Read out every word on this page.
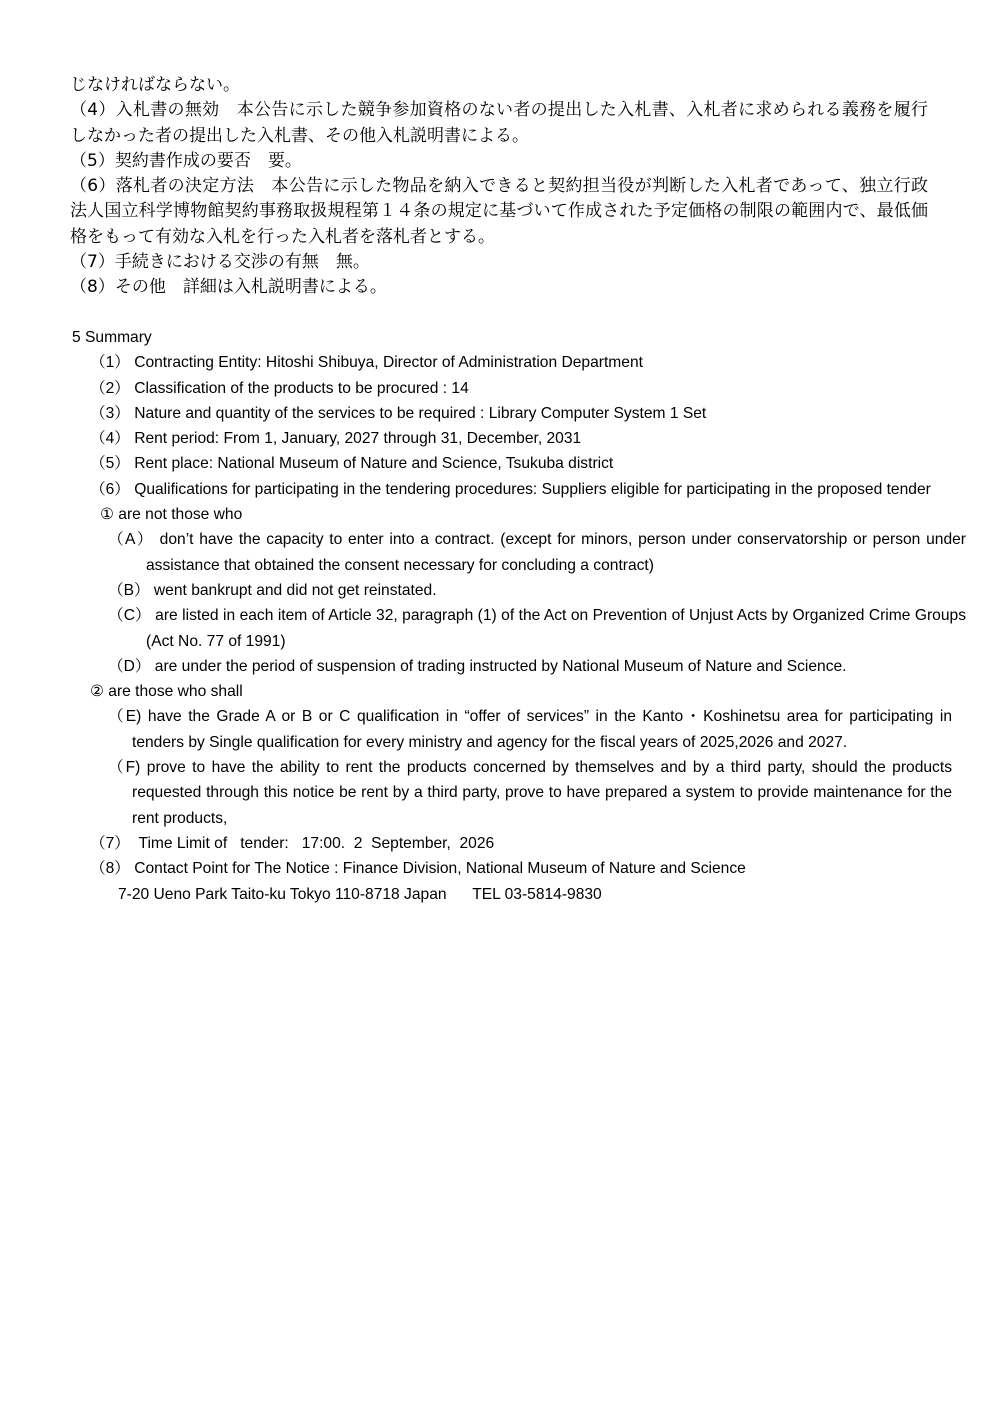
じなければならない。

（4）入札書の無効　本公告に示した競争参加資格のない者の提出した入札書、入札者に求められる義務を履行しなかった者の提出した入札書、その他入札説明書による。

（5）契約書作成の要否　要。

（6）落札者の決定方法　本公告に示した物品を納入できると契約担当役が判断した入札者であって、独立行政法人国立科学博物館契約事務取扱規程第１４条の規定に基づいて作成された予定価格の制限の範囲内で、最低価格をもって有効な入札を行った入札者を落札者とする。

（7）手続きにおける交渉の有無　無。

（8）その他　詳細は入札説明書による。

5 Summary
（1） Contracting Entity: Hitoshi Shibuya, Director of Administration Department
（2） Classification of the products to be procured : 14
（3） Nature and quantity of the services to be required : Library Computer System 1 Set
（4） Rent period: From 1, January, 2027 through 31, December, 2031
（5） Rent place: National Museum of Nature and Science, Tsukuba district
（6） Qualifications for participating in the tendering procedures: Suppliers eligible for participating in the proposed tender
① are not those who
（A） don’t have the capacity to enter into a contract. (except for minors, person under conservatorship or person under assistance that obtained the consent necessary for concluding a contract)
（B） went bankrupt and did not get reinstated.
（C） are listed in each item of Article 32, paragraph (1) of the Act on Prevention of Unjust Acts by Organized Crime Groups (Act No. 77 of 1991)
（D） are under the period of suspension of trading instructed by National Museum of Nature and Science.
② are those who shall
（E) have the Grade A or B or C qualification in “offer of services” in the Kanto・Koshinetsu area for participating in tenders by Single qualification for every ministry and agency for the fiscal years of 2025,2026 and 2027.
（F) prove to have the ability to rent the products concerned by themselves and by a third party, should the products requested through this notice be rent by a third party, prove to have prepared a system to provide maintenance for the rent products,
（7）  Time Limit of   tender:   17:00.  2  September,  2026
（8） Contact Point for The Notice : Finance Division, National Museum of Nature and Science
7-20 Ueno Park Taito-ku Tokyo 110-8718 Japan      TEL 03-5814-9830
